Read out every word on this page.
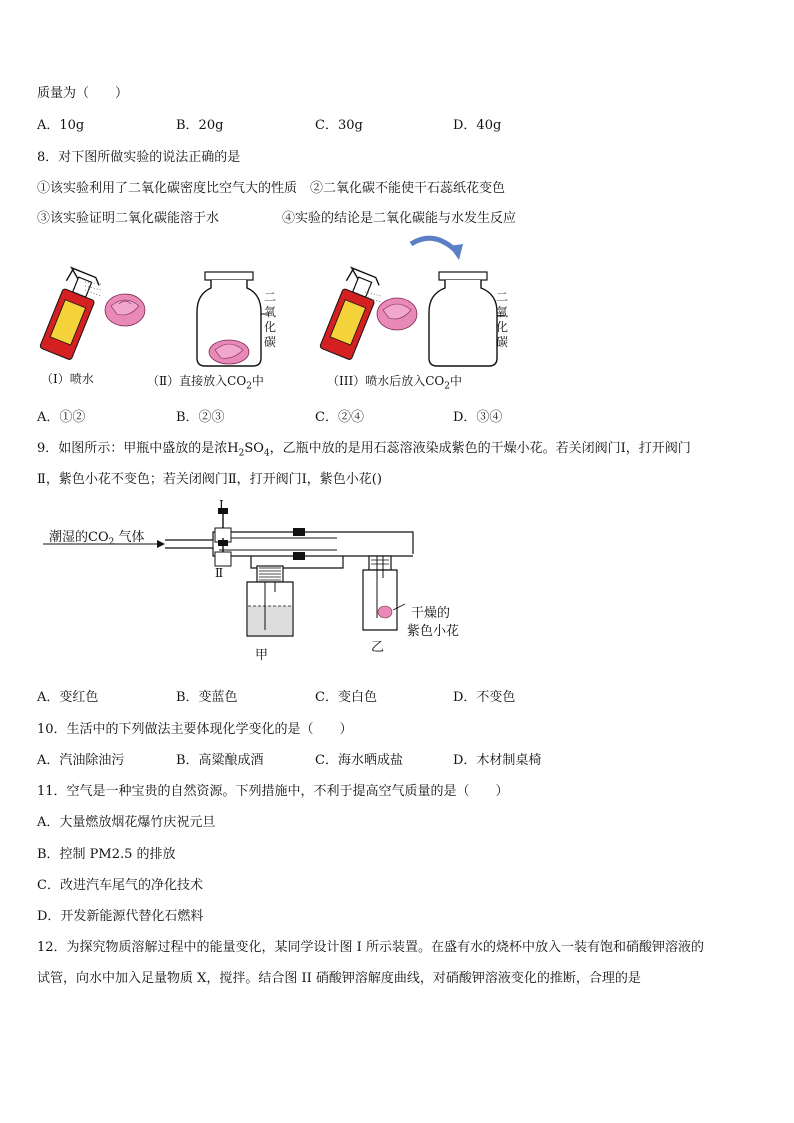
质量为（　　）
A．10g	B．20g	C．30g	D．40g
8．对下图所做实验的说法正确的是
①该实验利用了二氧化碳密度比空气大的性质　②二氧化碳不能使干石蕊纸花变色
③该实验证明二氧化碳能溶于水	④实验的结论是二氧化碳能与水发生反应
二
氧
化
碳
二
氧
化
碳
（I）喷水	（Ⅱ）直接放入$CO_2$中	（III）喷水后放入$CO_2$中
A．①②	B．②③	C．②④	D．③④
9．如图所示：甲瓶中盛放的是浓$H_2SO_4$，乙瓶中放的是用石蕊溶液染成紫色的干燥小花。若关闭阀门Ⅰ，打开阀门
Ⅱ，紫色小花不变色；若关闭阀门Ⅱ，打开阀门Ⅰ，紫色小花()
潮湿的$CO_2$ 气体
I
Ⅱ
甲
乙
干燥的
紫色小花
A．变红色	B．变蓝色	C．变白色	D．不变色
10．生活中的下列做法主要体现化学变化的是（　　）
A．汽油除油污	B．高粱酿成酒	C．海水晒成盐	D．木材制桌椅
11．空气是一种宝贵的自然资源。下列措施中，不利于提高空气质量的是（　　）
A．大量燃放烟花爆竹庆祝元旦
B．控制 PM2.5 的排放
C．改进汽车尾气的净化技术
D．开发新能源代替化石燃料
12．为探究物质溶解过程中的能量变化，某同学设计图 I 所示装置。在盛有水的烧杯中放入一装有饱和硝酸钾溶液的
试管，向水中加入足量物质 X，搅拌。结合图 II 硝酸钾溶解度曲线，对硝酸钾溶液变化的推断，合理的是
